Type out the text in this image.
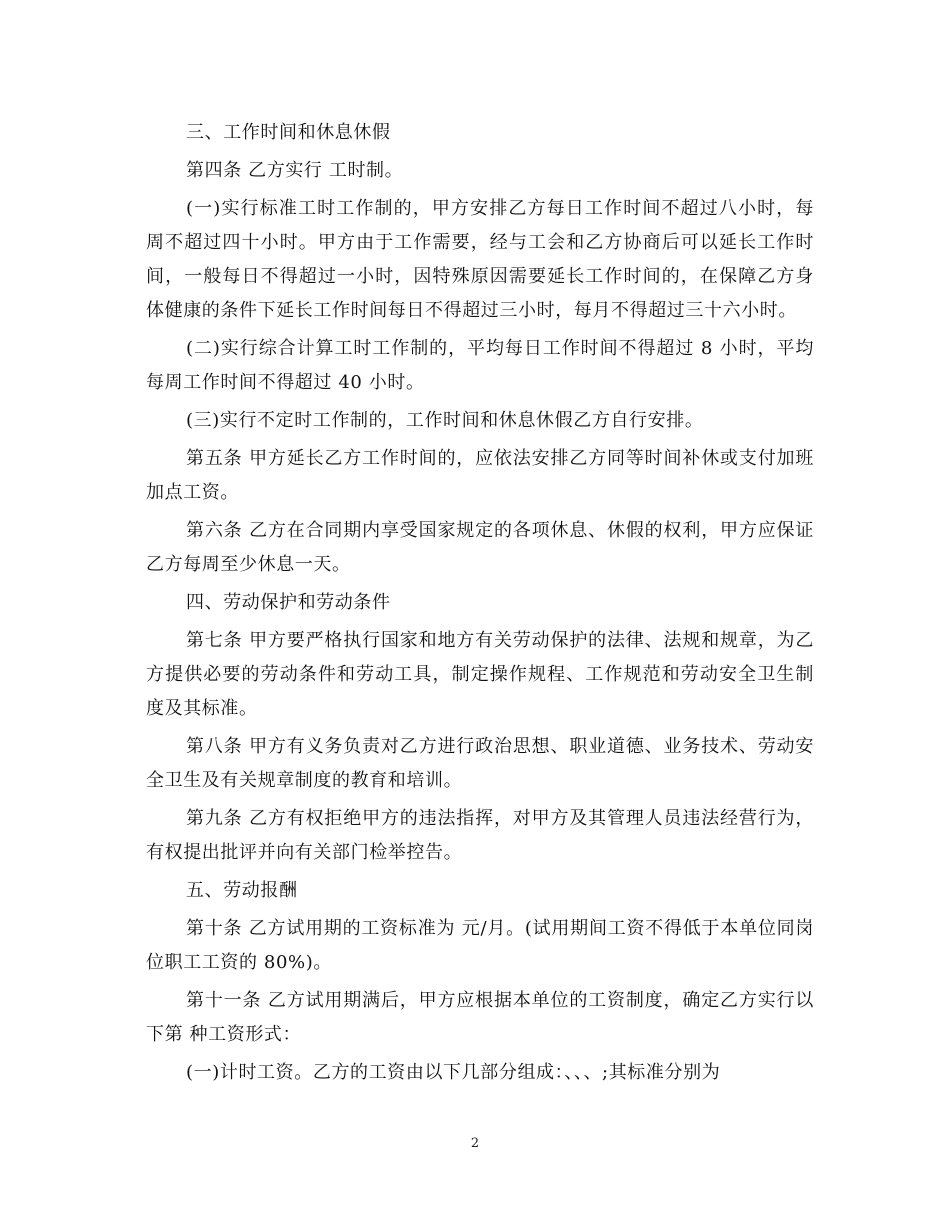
三、工作时间和休息休假

第四条 乙方实行 工时制。

(一)实行标准工时工作制的，甲方安排乙方每日工作时间不超过八小时，每周不超过四十小时。甲方由于工作需要，经与工会和乙方协商后可以延长工作时间，一般每日不得超过一小时，因特殊原因需要延长工作时间的，在保障乙方身体健康的条件下延长工作时间每日不得超过三小时，每月不得超过三十六小时。

(二)实行综合计算工时工作制的，平均每日工作时间不得超过 8 小时，平均每周工作时间不得超过 40 小时。

(三)实行不定时工作制的，工作时间和休息休假乙方自行安排。

第五条 甲方延长乙方工作时间的，应依法安排乙方同等时间补休或支付加班加点工资。

第六条 乙方在合同期内享受国家规定的各项休息、休假的权利，甲方应保证乙方每周至少休息一天。

四、劳动保护和劳动条件

第七条 甲方要严格执行国家和地方有关劳动保护的法律、法规和规章，为乙方提供必要的劳动条件和劳动工具，制定操作规程、工作规范和劳动安全卫生制度及其标准。

第八条 甲方有义务负责对乙方进行政治思想、职业道德、业务技术、劳动安全卫生及有关规章制度的教育和培训。

第九条 乙方有权拒绝甲方的违法指挥，对甲方及其管理人员违法经营行为，有权提出批评并向有关部门检举控告。

五、劳动报酬

第十条 乙方试用期的工资标准为 元/月。(试用期间工资不得低于本单位同岗位职工工资的 80%)。

第十一条 乙方试用期满后，甲方应根据本单位的工资制度，确定乙方实行以下第 种工资形式：

(一)计时工资。乙方的工资由以下几部分组成：、、、;其标准分别为

2
